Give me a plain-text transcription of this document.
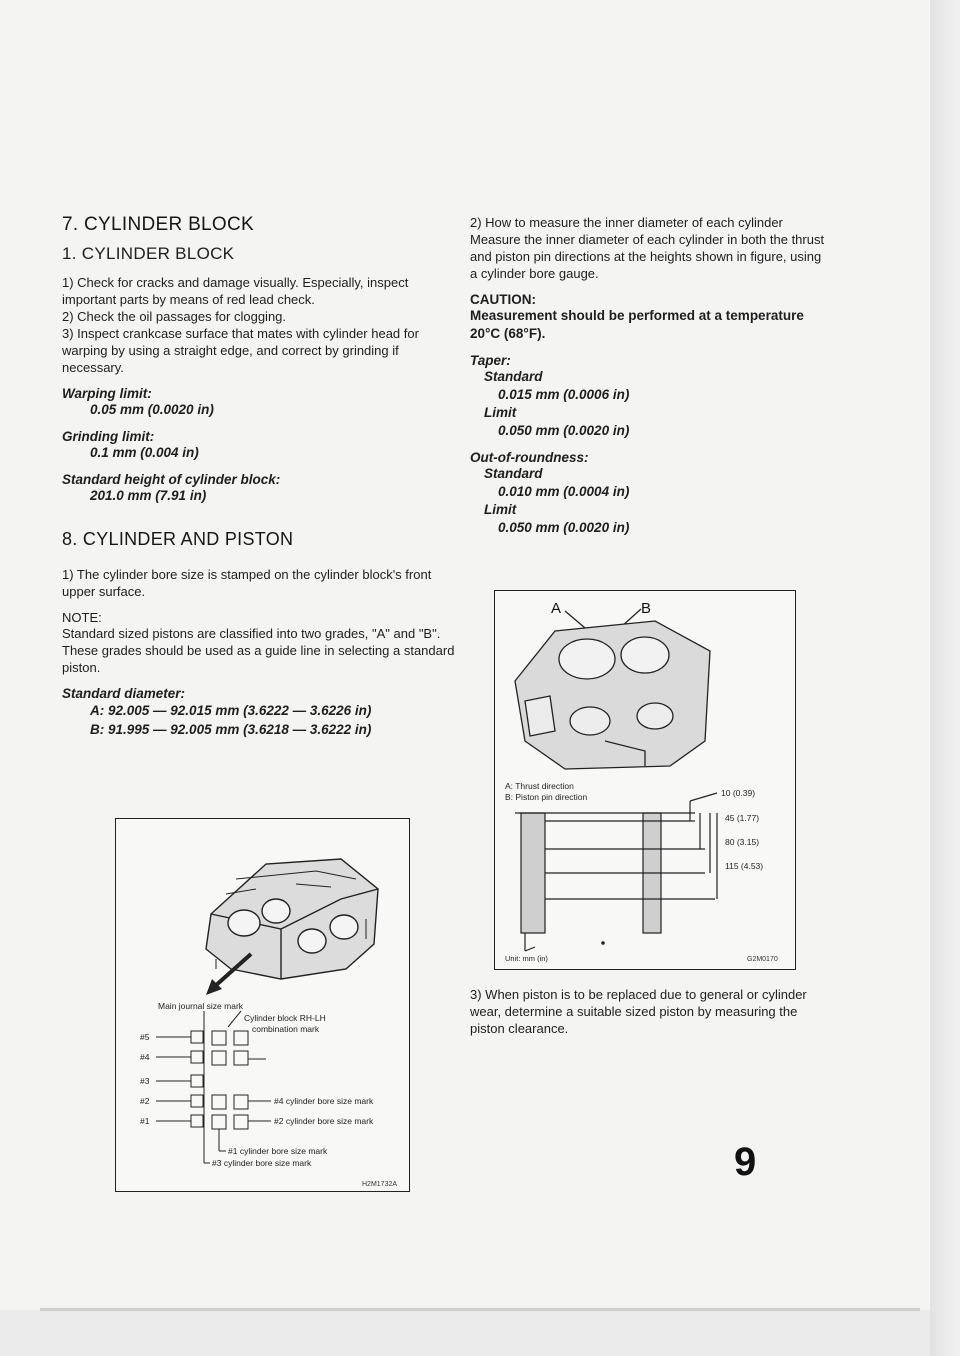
7. CYLINDER BLOCK
1. CYLINDER BLOCK

1) Check for cracks and damage visually. Especially, inspect important parts by means of red lead check.

2) Check the oil passages for clogging.

3) Inspect crankcase surface that mates with cylinder head for warping by using a straight edge, and correct by grinding if necessary.

Warping limit:
0.05 mm (0.0020 in)
Grinding limit:
0.1 mm (0.004 in)
Standard height of cylinder block:
201.0 mm (7.91 in)
8. CYLINDER AND PISTON

1) The cylinder bore size is stamped on the cylinder block's front upper surface.

NOTE:

Standard sized pistons are classified into two grades, "A" and "B". These grades should be used as a guide line in selecting a standard piston.

Standard diameter:
A: 92.005 — 92.015 mm (3.6222 — 3.6226 in)
B: 91.995 — 92.005 mm (3.6218 — 3.6222 in)
Main journal size mark
Cylinder block RH-LH
combination mark
#5
#4
#3
#2
#1
#4 cylinder bore size mark
#2 cylinder bore size mark
#1 cylinder bore size mark
#3 cylinder bore size mark
H2M1732A

2) How to measure the inner diameter of each cylinder

Measure the inner diameter of each cylinder in both the thrust and piston pin directions at the heights shown in figure, using a cylinder bore gauge.

CAUTION:
Measurement should be performed at a temperature 20°C (68°F).
Taper:
Standard
0.015 mm (0.0006 in)
Limit
0.050 mm (0.0020 in)
Out-of-roundness:
Standard
0.010 mm (0.0004 in)
Limit
0.050 mm (0.0020 in)
A	B
A: Thrust direction
B: Piston pin direction	10 (0.39)
45 (1.77)
80 (3.15)
115 (4.53)
Unit: mm (in)	G2M0170

3) When piston is to be replaced due to general or cylinder wear, determine a suitable sized piston by measuring the piston clearance.

9
